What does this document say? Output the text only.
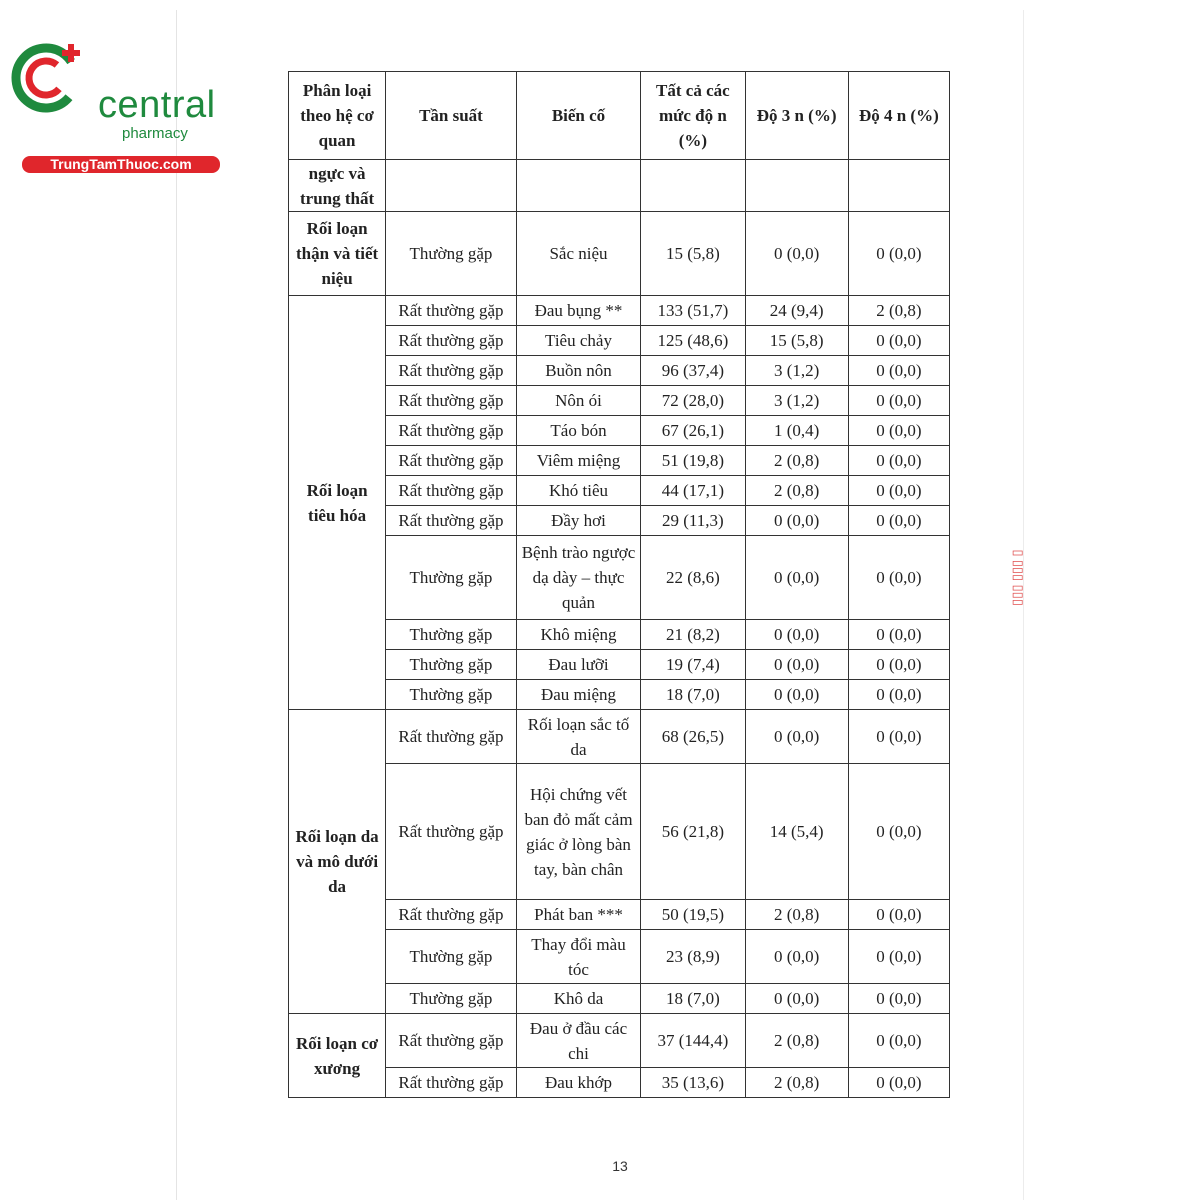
central
pharmacy
TrungTamThuoc.com
Phân loại theo hệ cơ quan	Tần suất	Biến cố	Tất cả các mức độ n (%)	Độ 3 n (%)	Độ 4 n (%)
ngực và trung thất					
Rối loạn thận và tiết niệu	Thường gặp	Sắc niệu	15 (5,8)	0 (0,0)	0 (0,0)
Rối loạn tiêu hóa	Rất thường gặp	Đau bụng **	133 (51,7)	24 (9,4)	2 (0,8)
	Rất thường gặp	Tiêu chảy	125 (48,6)	15 (5,8)	0 (0,0)
	Rất thường gặp	Buồn nôn	96 (37,4)	3 (1,2)	0 (0,0)
	Rất thường gặp	Nôn ói	72 (28,0)	3 (1,2)	0 (0,0)
	Rất thường gặp	Táo bón	67 (26,1)	1 (0,4)	0 (0,0)
	Rất thường gặp	Viêm miệng	51 (19,8)	2 (0,8)	0 (0,0)
	Rất thường gặp	Khó tiêu	44 (17,1)	2 (0,8)	0 (0,0)
	Rất thường gặp	Đầy hơi	29 (11,3)	0 (0,0)	0 (0,0)
	Thường gặp	Bệnh trào ngược dạ dày – thực quản	22 (8,6)	0 (0,0)	0 (0,0)
	Thường gặp	Khô miệng	21 (8,2)	0 (0,0)	0 (0,0)
	Thường gặp	Đau lưỡi	19 (7,4)	0 (0,0)	0 (0,0)
	Thường gặp	Đau miệng	18 (7,0)	0 (0,0)	0 (0,0)
Rối loạn da và mô dưới da	Rất thường gặp	Rối loạn sắc tố da	68 (26,5)	0 (0,0)	0 (0,0)
	Rất thường gặp	Hội chứng vết ban đỏ mất cảm giác ở lòng bàn tay, bàn chân	56 (21,8)	14 (5,4)	0 (0,0)
	Rất thường gặp	Phát ban ***	50 (19,5)	2 (0,8)	0 (0,0)
	Thường gặp	Thay đổi màu tóc	23 (8,9)	0 (0,0)	0 (0,0)
	Thường gặp	Khô da	18 (7,0)	0 (0,0)	0 (0,0)
Rối loạn cơ xương	Rất thường gặp	Đau ở đầu các chi	37 (144,4)	2 (0,8)	0 (0,0)
	Rất thường gặp	Đau khớp	35 (13,6)	2 (0,8)	0 (0,0)
▯▯▯ ▯▯▯ ▯
13
